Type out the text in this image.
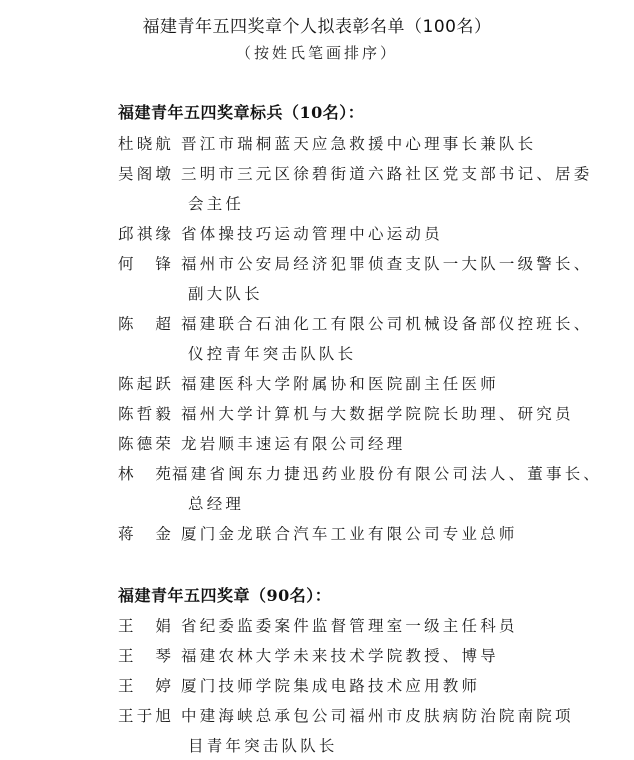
福建青年五四奖章个人拟表彰名单（100名）
（按姓氏笔画排序）
福建青年五四奖章标兵（10名）：
杜晓航 晋江市瑞桐蓝天应急救援中心理事长兼队长
吴阁墩 三明市三元区徐碧街道六路社区党支部书记、居委
会主任
邱祺缘 省体操技巧运动管理中心运动员
何　锋 福州市公安局经济犯罪侦查支队一大队一级警长、
副大队长
陈　超 福建联合石油化工有限公司机械设备部仪控班长、
仪控青年突击队队长
陈起跃 福建医科大学附属协和医院副主任医师
陈哲毅 福州大学计算机与大数据学院院长助理、研究员
陈德荣 龙岩顺丰速运有限公司经理
林　苑福建省闽东力捷迅药业股份有限公司法人、董事长、
总经理
蒋　金 厦门金龙联合汽车工业有限公司专业总师
福建青年五四奖章（90名）：
王　娟 省纪委监委案件监督管理室一级主任科员
王　琴 福建农林大学未来技术学院教授、博导
王　婷 厦门技师学院集成电路技术应用教师
王于旭 中建海峡总承包公司福州市皮肤病防治院南院项
目青年突击队队长
